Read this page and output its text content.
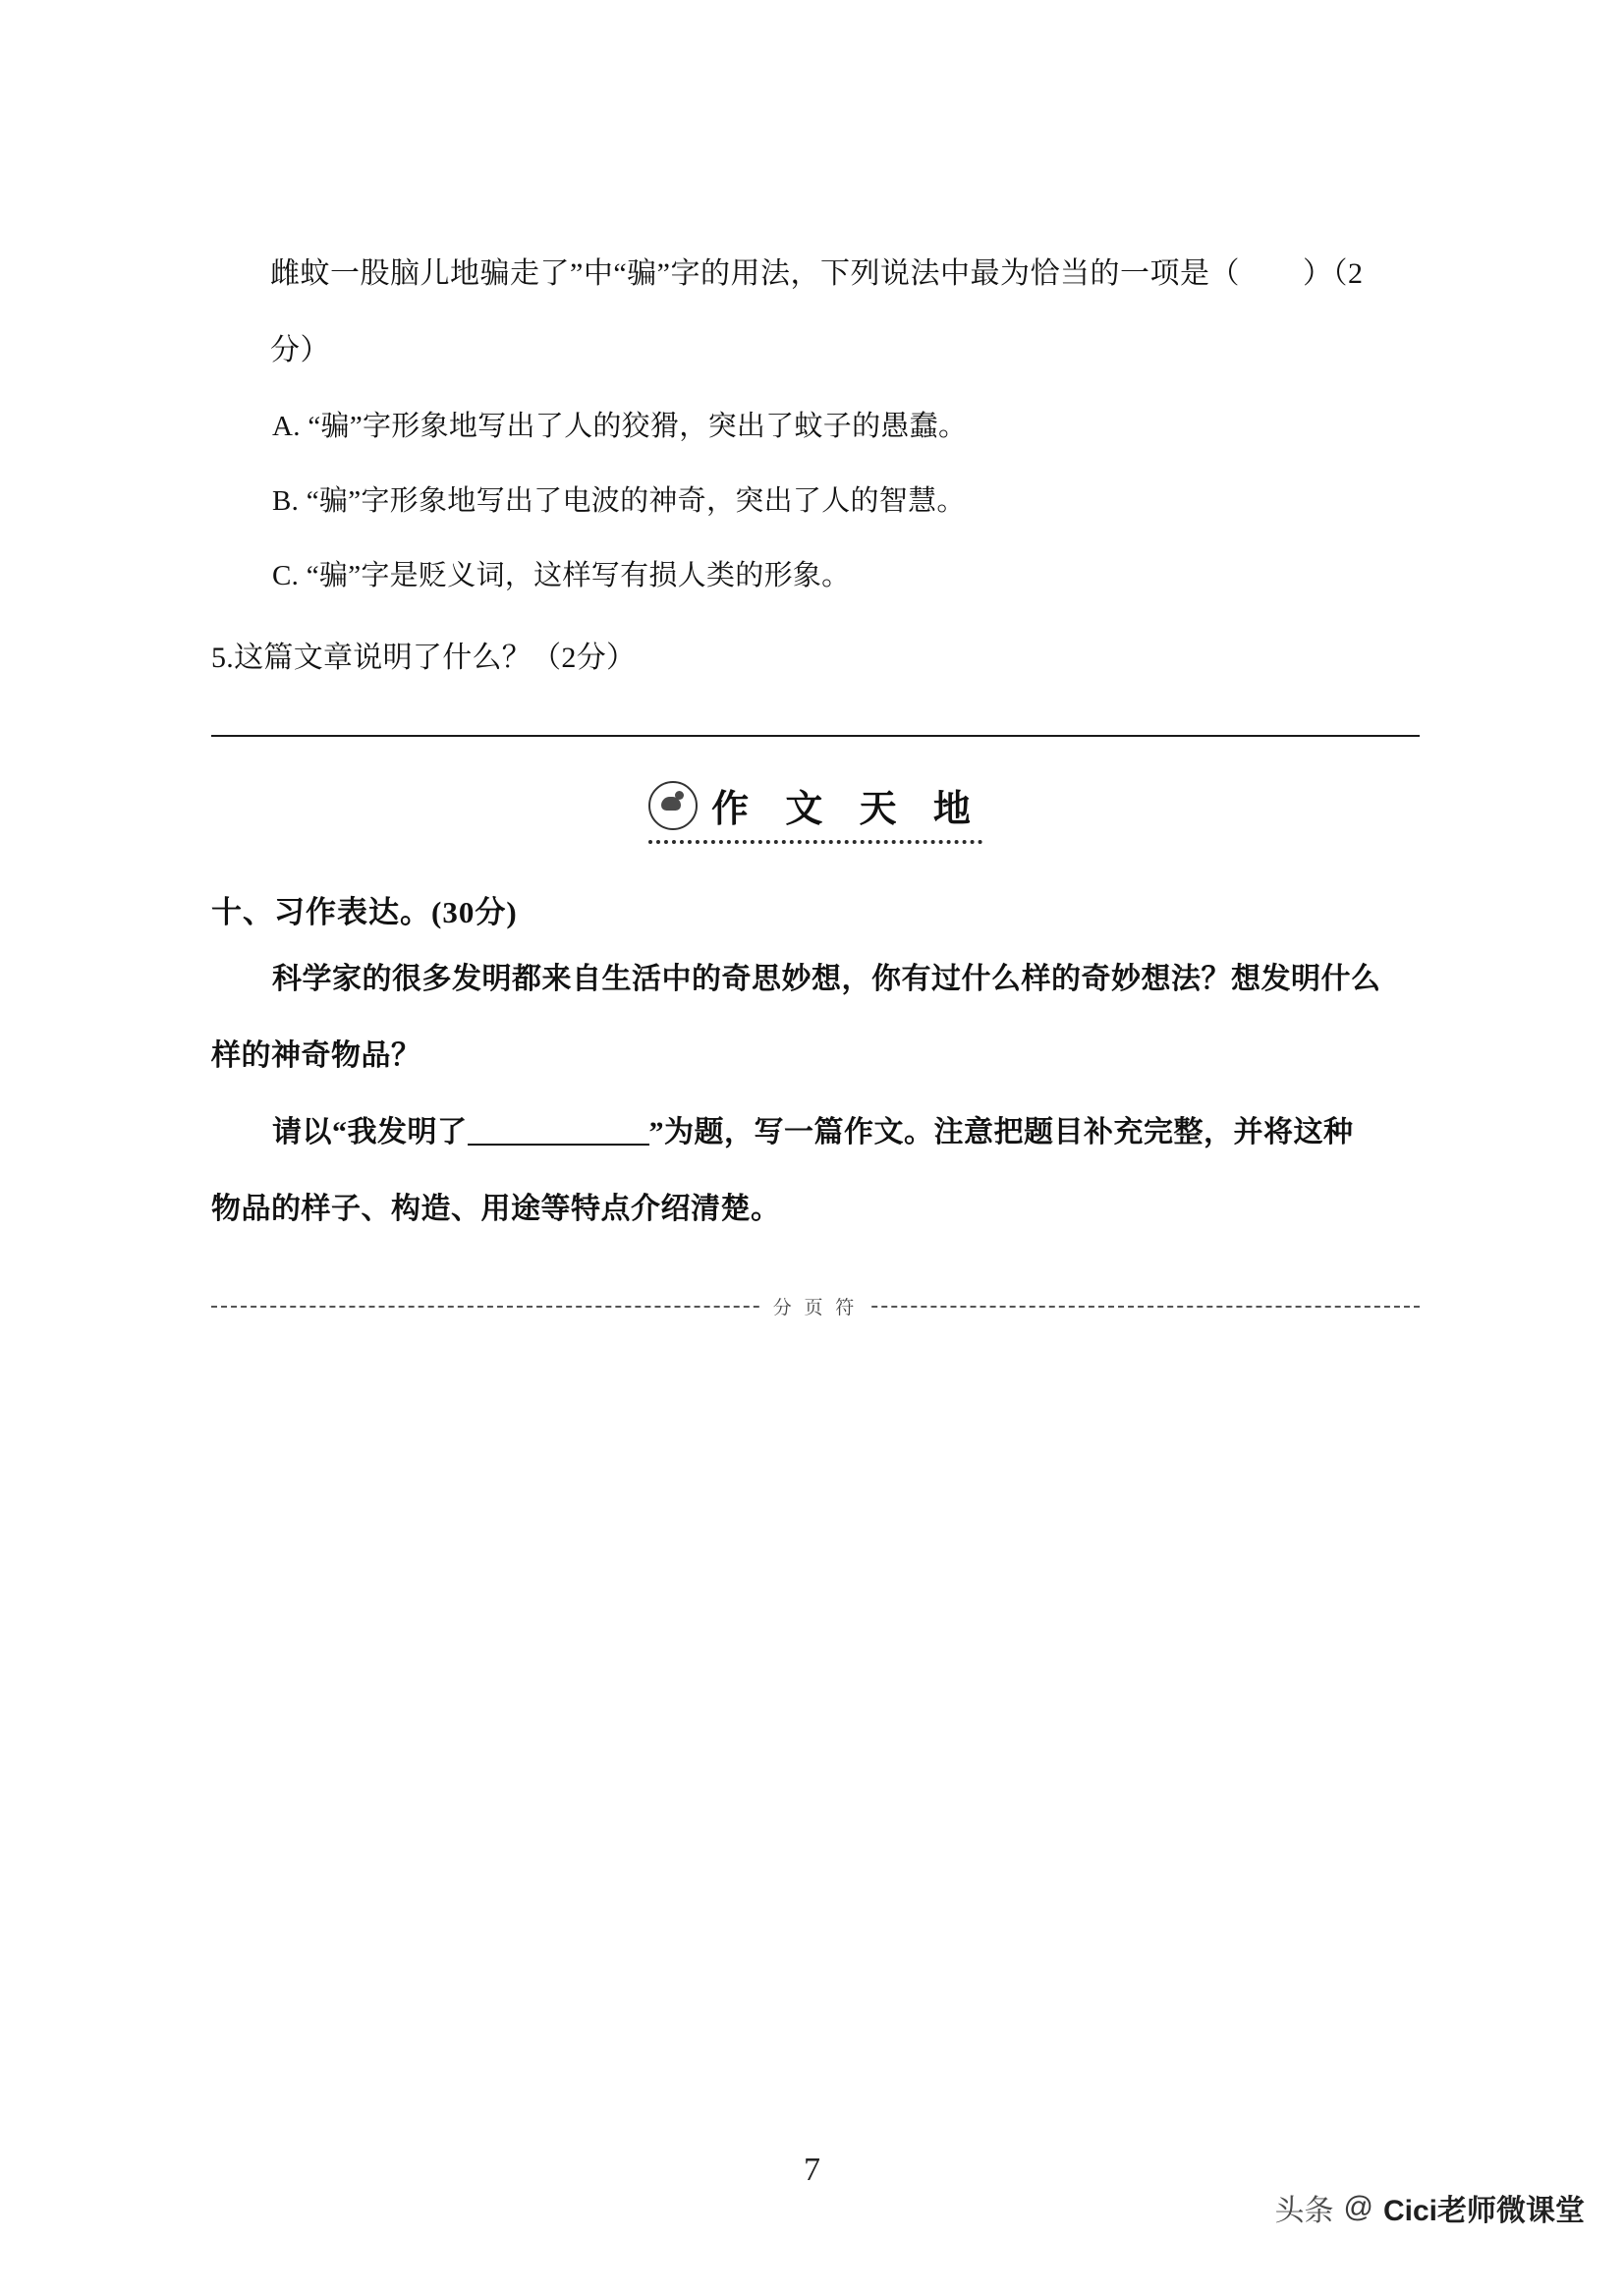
雌蚊一股脑儿地骗走了”中“骗”字的用法，下列说法中最为恰当的一项是（        ）（2
分）
A. “骗”字形象地写出了人的狡猾，突出了蚊子的愚蠢。
B. “骗”字形象地写出了电波的神奇，突出了人的智慧。
C. “骗”字是贬义词，这样写有损人类的形象。
5.这篇文章说明了什么？（2分）
作 文 天 地
十、习作表达。(30分)
科学家的很多发明都来自生活中的奇思妙想，你有过什么样的奇妙想法？想发明什么
样的神奇物品？
请以“我发明了	”为题，写一篇作文。注意把题目补充完整，并将这种
物品的样子、构造、用途等特点介绍清楚。
分 页 符
7
头条 @ Cici老师微课堂
